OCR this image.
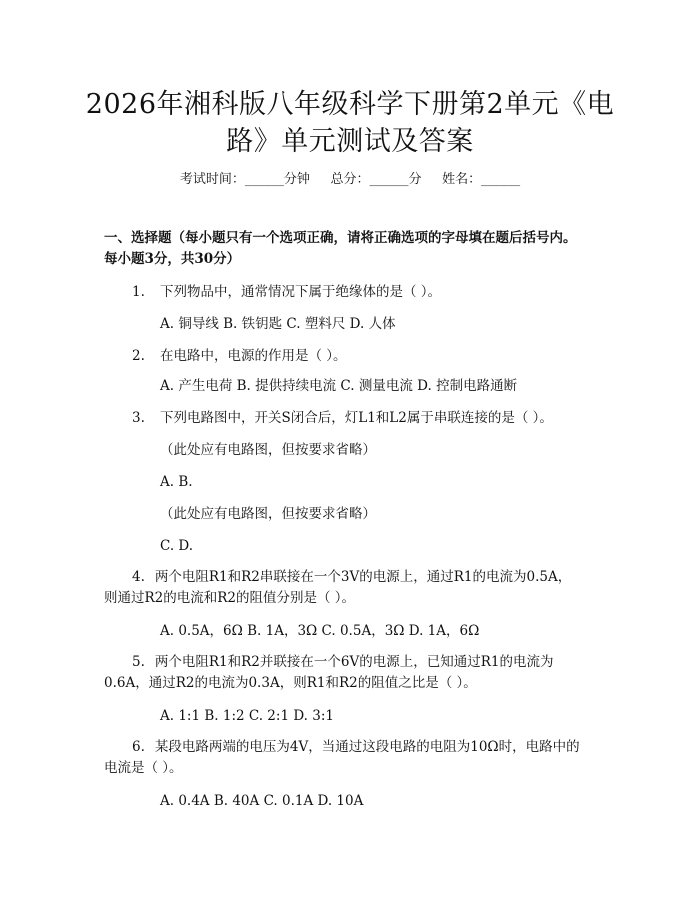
2026年湘科版八年级科学下册第2单元《电
路》单元测试及答案
考试时间：______分钟     总分：______分     姓名：______
一、选择题（每小题只有一个选项正确，请将正确选项的字母填在题后括号内。
每小题3分，共30分）
1. 下列物品中，通常情况下属于绝缘体的是（ ）。
A. 铜导线 B. 铁钥匙 C. 塑料尺 D. 人体
2. 在电路中，电源的作用是（ ）。
A. 产生电荷 B. 提供持续电流 C. 测量电流 D. 控制电路通断
3. 下列电路图中，开关S闭合后，灯L1和L2属于串联连接的是（ ）。
（此处应有电路图，但按要求省略）
A. B.
（此处应有电路图，但按要求省略）
C. D.
4. 两个电阻R1和R2串联接在一个3V的电源上，通过R1的电流为0.5A，
则通过R2的电流和R2的阻值分别是（ ）。
A. 0.5A，6Ω B. 1A，3Ω C. 0.5A，3Ω D. 1A，6Ω
5. 两个电阻R1和R2并联接在一个6V的电源上，已知通过R1的电流为
0.6A，通过R2的电流为0.3A，则R1和R2的阻值之比是（ ）。
A. 1:1 B. 1:2 C. 2:1 D. 3:1
6. 某段电路两端的电压为4V，当通过这段电路的电阻为10Ω时，电路中的
电流是（ ）。
A. 0.4A B. 40A C. 0.1A D. 10A
